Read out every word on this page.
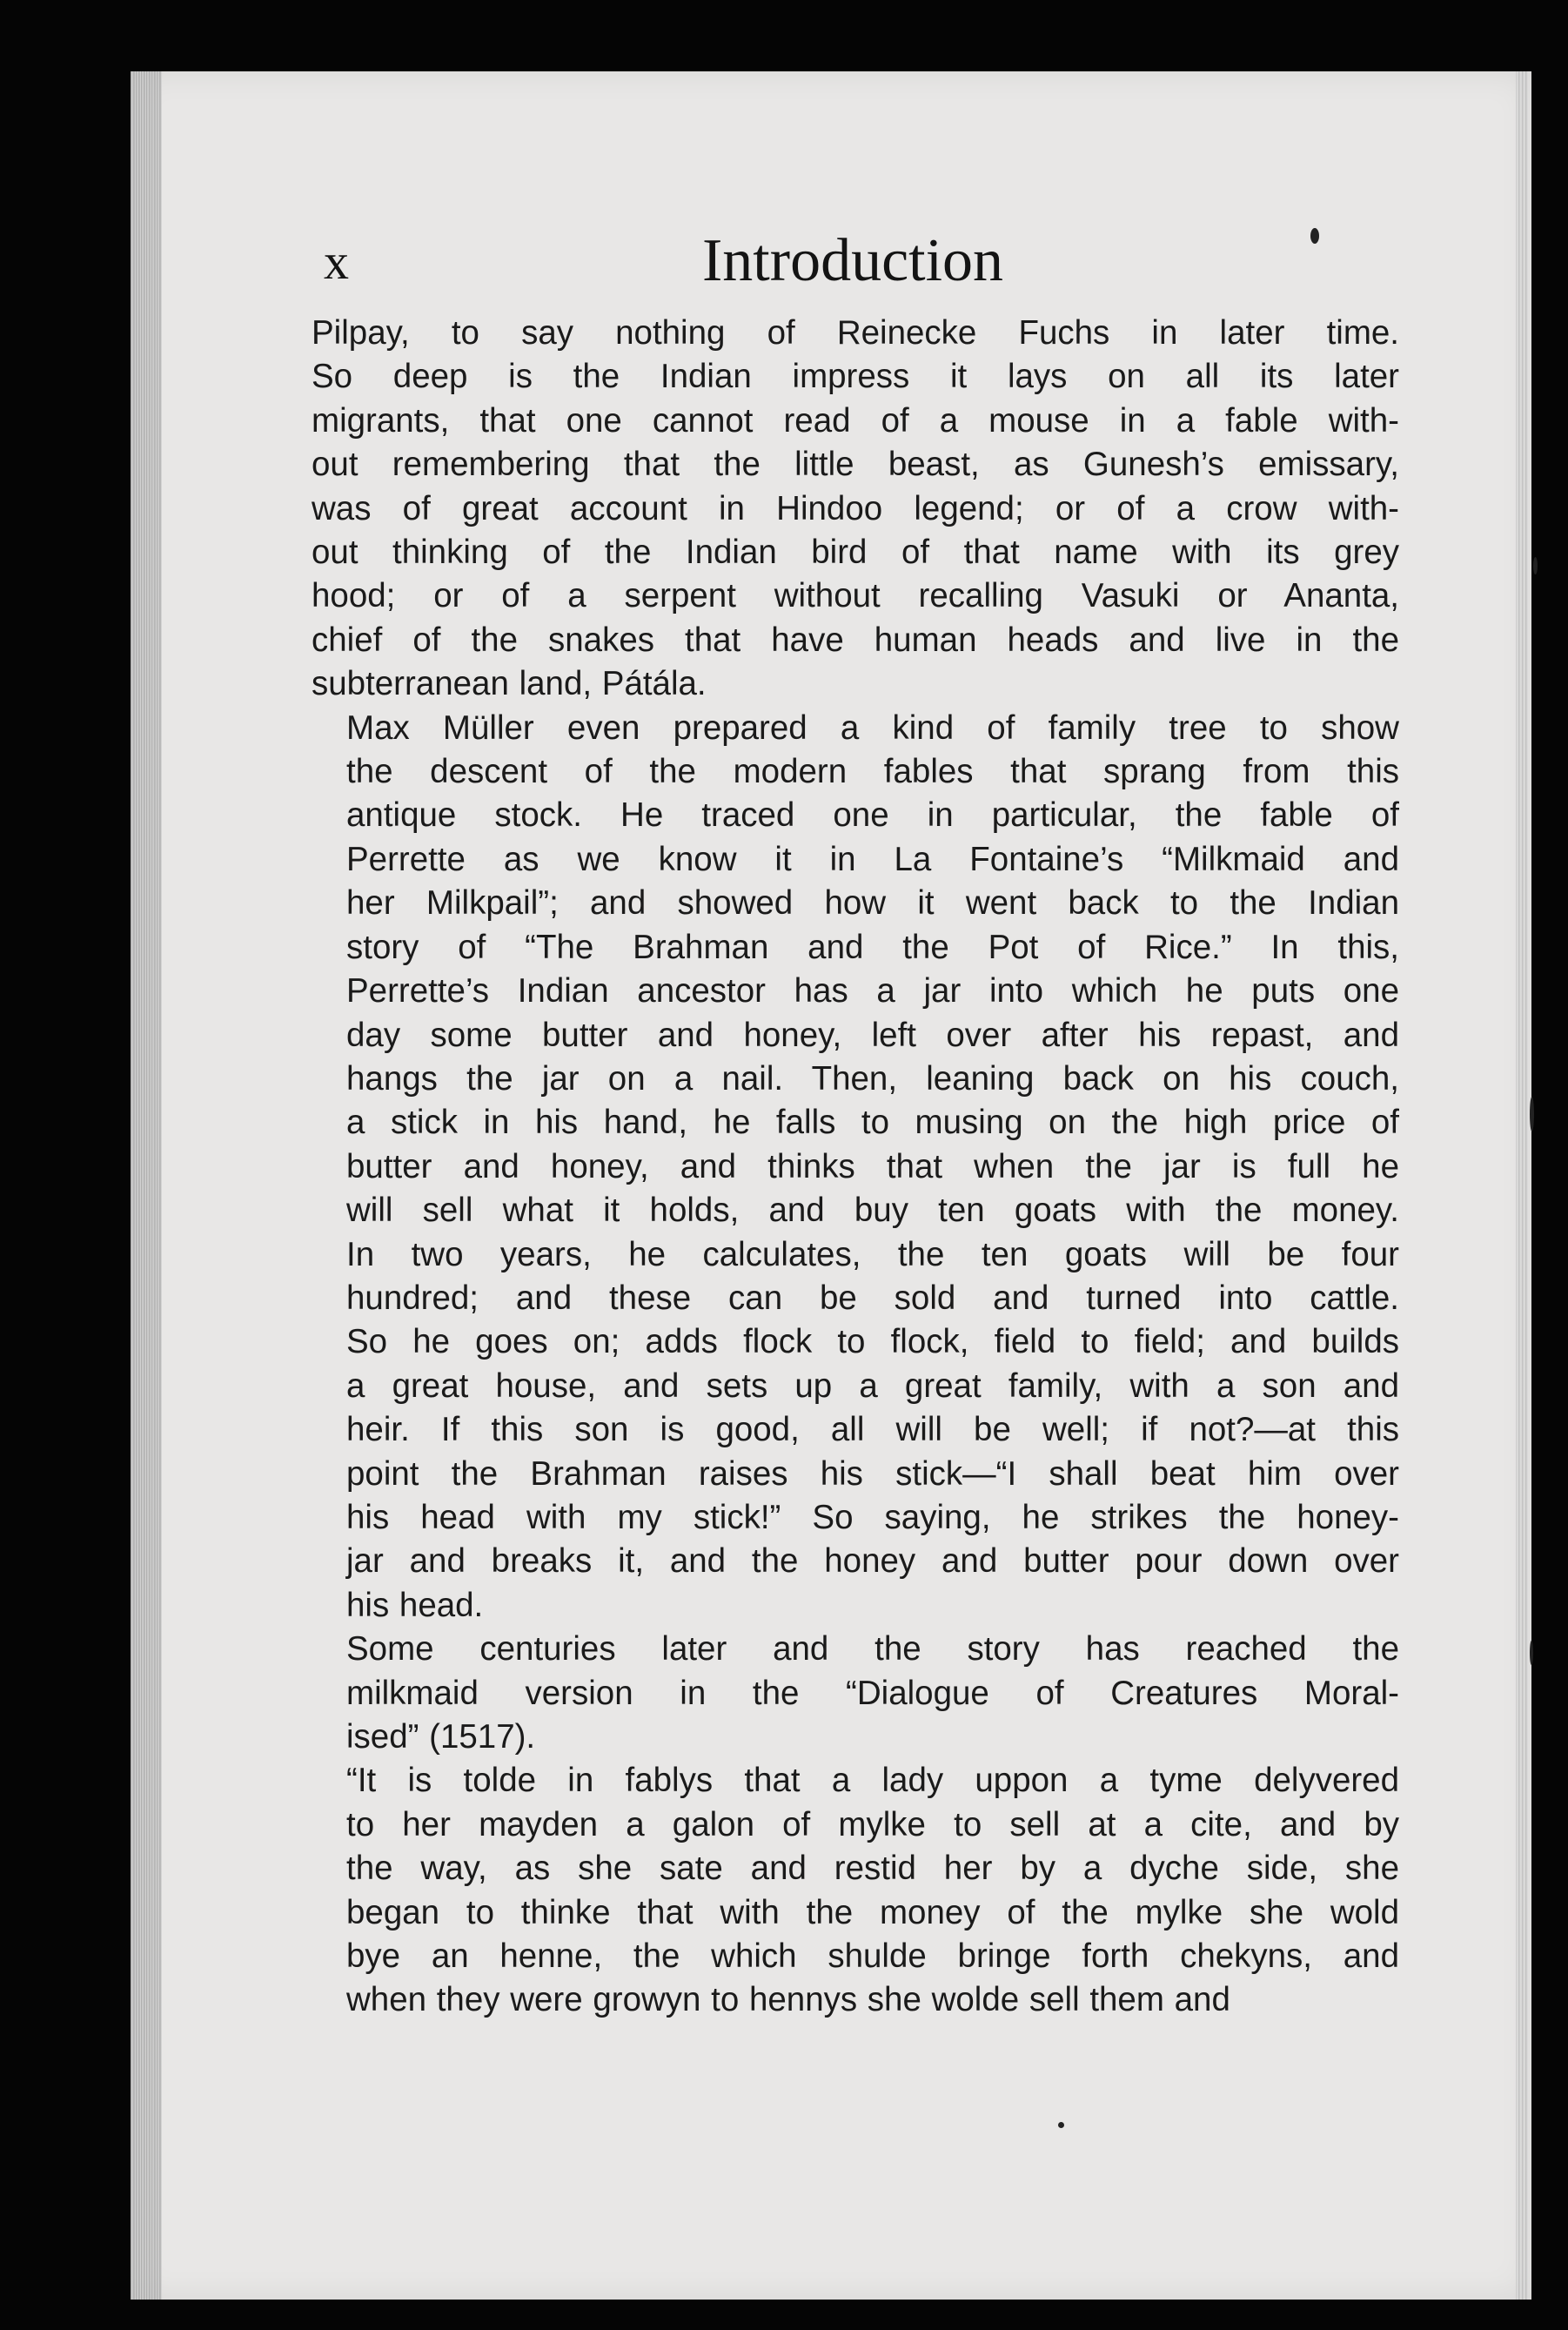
x	Introduction

Pilpay, to say nothing of Reinecke Fuchs in later time.
So deep is the Indian impress it lays on all its later
migrants, that one cannot read of a mouse in a fable with-
out remembering that the little beast, as Gunesh’s emissary,
was of great account in Hindoo legend; or of a crow with-
out thinking of the Indian bird of that name with its grey
hood; or of a serpent without recalling Vasuki or Ananta,
chief of the snakes that have human heads and live in the
subterranean land, Pátála.

Max Müller even prepared a kind of family tree to show
the descent of the modern fables that sprang from this
antique stock. He traced one in particular, the fable of
Perrette as we know it in La Fontaine’s “Milkmaid and
her Milkpail”; and showed how it went back to the Indian
story of “The Brahman and the Pot of Rice.” In this,
Perrette’s Indian ancestor has a jar into which he puts one
day some butter and honey, left over after his repast, and
hangs the jar on a nail. Then, leaning back on his couch,
a stick in his hand, he falls to musing on the high price of
butter and honey, and thinks that when the jar is full he
will sell what it holds, and buy ten goats with the money.
In two years, he calculates, the ten goats will be four
hundred; and these can be sold and turned into cattle.
So he goes on; adds flock to flock, field to field; and builds
a great house, and sets up a great family, with a son and
heir. If this son is good, all will be well; if not?—at this
point the Brahman raises his stick—“I shall beat him over
his head with my stick!” So saying, he strikes the honey-
jar and breaks it, and the honey and butter pour down over
his head.

Some centuries later and the story has reached the
milkmaid version in the “Dialogue of Creatures Moral-
ised” (1517).

“It is tolde in fablys that a lady uppon a tyme delyvered
to her mayden a galon of mylke to sell at a cite, and by
the way, as she sate and restid her by a dyche side, she
began to thinke that with the money of the mylke she wold
bye an henne, the which shulde bringe forth chekyns, and
when they were growyn to hennys she wolde sell them and
